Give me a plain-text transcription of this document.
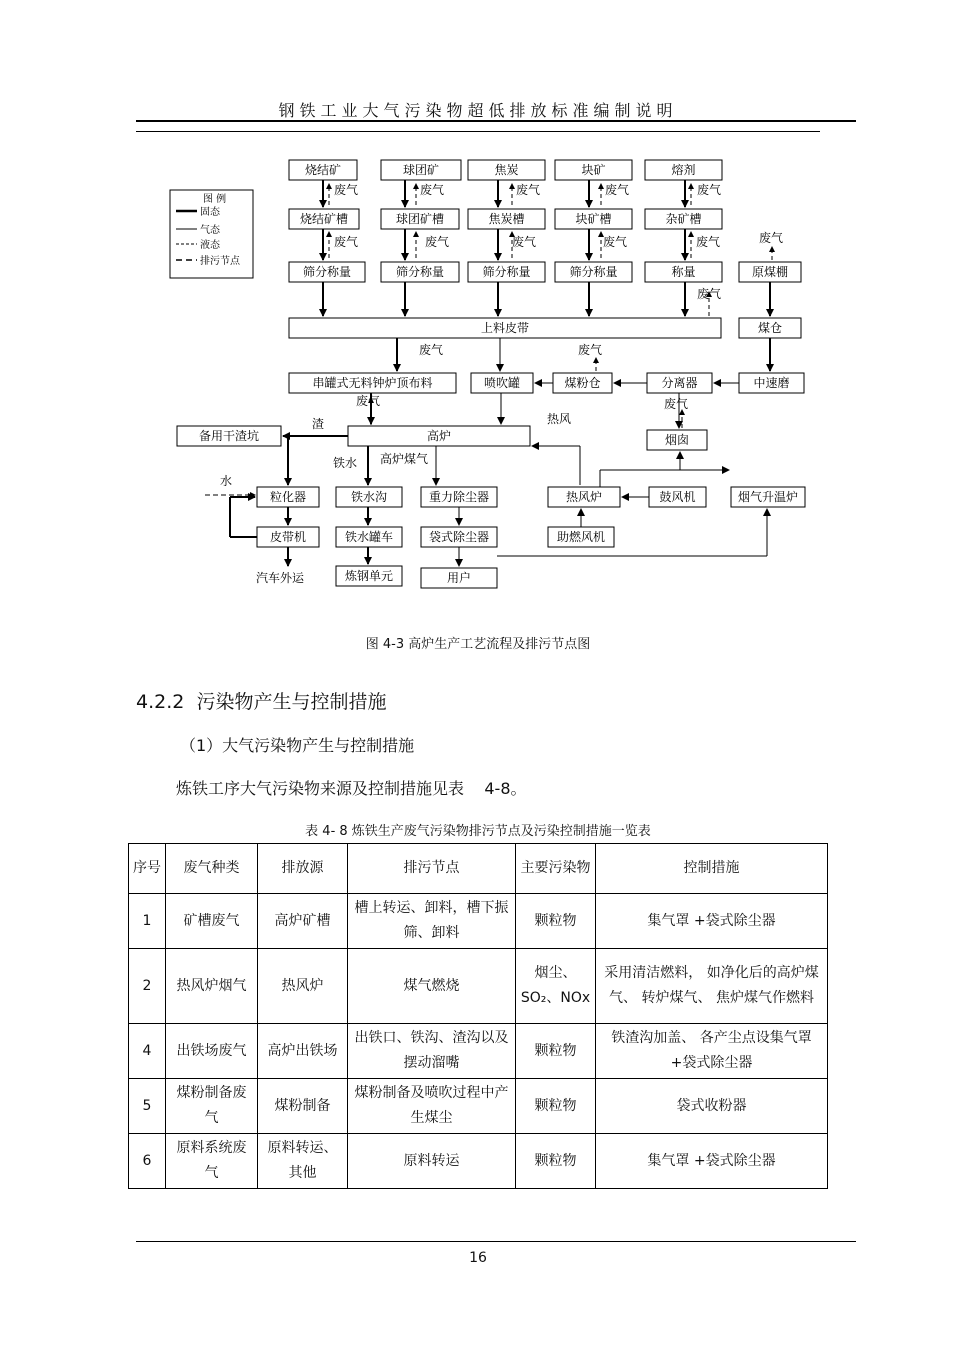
钢铁工业大气污染物超低排放标准编制说明
图 例
固态
气态
液态
排污节点
烧结矿	球团矿	焦炭	块矿	熔剂
烧结矿槽	球团矿槽	焦炭槽	块矿槽	杂矿槽
筛分称量	筛分称量	筛分称量	筛分称量	称量	原煤棚
上料皮带	煤仓
串罐式无料钟炉顶布料	喷吹罐	煤粉仓	分离器	中速磨
备用干渣坑	高炉	烟囱
粒化器	铁水沟	重力除尘器	热风炉	鼓风机	烟气升温炉
皮带机	铁水罐车	袋式除尘器	助燃风机
炼钢单元	用户
废气	废气	废气	废气	废气
废气	废气	废气	废气	废气	废气
废气
废气	废气
废气	废气
渣
铁水 高炉煤气
热风
水
汽车外运
图 4-3 高炉生产工艺流程及排污节点图
4.2.2 污染物产生与控制措施
（1）大气污染物产生与控制措施
炼铁工序大气污染物来源及控制措施见表 4-8。
表 4- 8 炼铁生产废气污染物排污节点及污染控制措施一览表
序号	废气种类	排放源	排污节点	主要污染物	控制措施
1	矿槽废气	高炉矿槽	槽上转运、卸料，槽下振筛、卸料	颗粒物	集气罩 +袋式除尘器
2	热风炉烟气	热风炉	煤气燃烧	烟尘、SO₂、NOx	采用清洁燃料， 如净化后的高炉煤气、 转炉煤气、 焦炉煤气作燃料
4	出铁场废气	高炉出铁场	出铁口、铁沟、渣沟以及摆动溜嘴	颗粒物	铁渣沟加盖、 各产尘点设集气罩+袋式除尘器
5	煤粉制备废气	煤粉制备	煤粉制备及喷吹过程中产生煤尘	颗粒物	袋式收粉器
6	原料系统废气	原料转运、其他	原料转运	颗粒物	集气罩 +袋式除尘器
16
